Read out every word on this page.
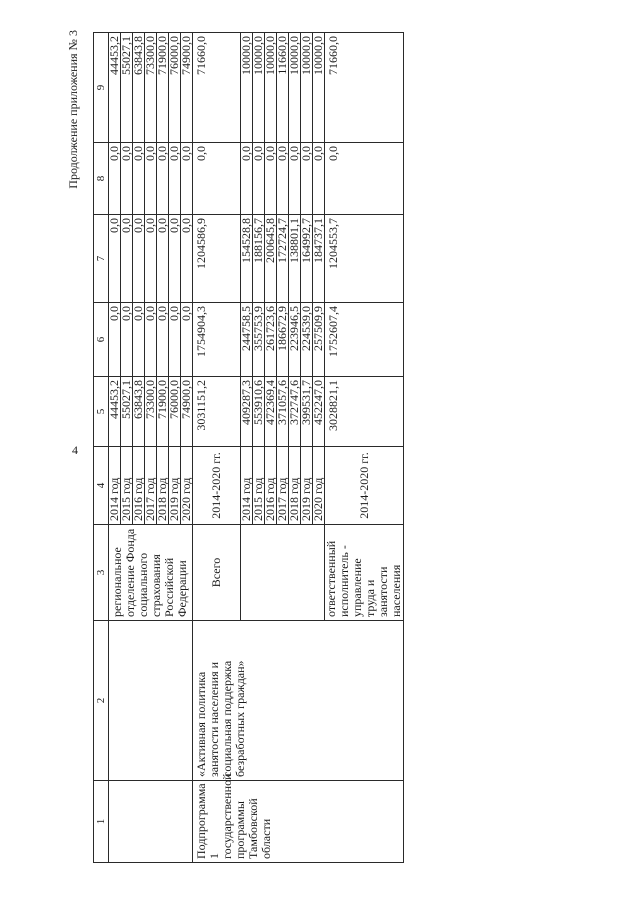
4
Продолжение приложения № 3
1	2	3	4	5	6	7	8	9
		региональное отделение Фонда социального страхования Российской Федерации	2014 год	44453,2	0,0	0,0	0,0	44453,2
			2015 год	55027,1	0,0	0,0	0,0	55027,1
			2016 год	63843,8	0,0	0,0	0,0	63843,8
			2017 год	73300,0	0,0	0,0	0,0	73300,0
			2018 год	71900,0	0,0	0,0	0,0	71900,0
			2019 год	76000,0	0,0	0,0	0,0	76000,0
			2020 год	74900,0	0,0	0,0	0,0	74900,0
Подпрограмма 1 государственной программы Тамбовской области	«Активная политика занятости населения и социальная поддержка безработных граждан»	Всего	2014-2020 гг.	3031151,2	1754904,3	1204586,9	0,0	71660,0
			2014 год	409287,3	244758,5	154528,8	0,0	10000,0
			2015 год	553910,6	355753,9	188156,7	0,0	10000,0
			2016 год	472369,4	261723,6	200645,8	0,0	10000,0
			2017 год	371057,6	186672,9	172724,7	0,0	11660,0
			2018 год	372747,6	223946,5	138801,1	0,0	10000,0
			2019 год	399531,7	224539,0	164992,7	0,0	10000,0
			2020 год	452247,0	257509,9	184737,1	0,0	10000,0
		ответственный исполнитель - управление труда и занятости населения	2014-2020 гг.	3028821,1	1752607,4	1204553,7	0,0	71660,0
